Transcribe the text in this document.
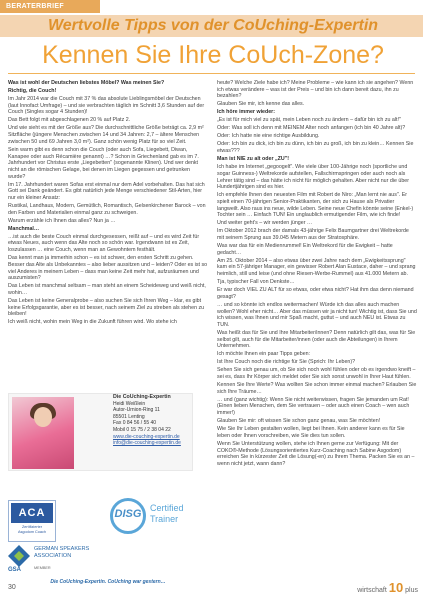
BERATERBRIEF
Wertvolle Tipps von der CoUching-Expertin
Kennen Sie Ihre CoUch-Zone?

Was ist wohl der Deutschen liebstes Möbel? Was meinen Sie?

Richtig, die Couch!

Im Jahr 2014 war die Couch mit 37 % das absolute Lieblingsmöbel der Deutschen (laut Innofact Umfrage) – und sie verbrachten täglich im Schnitt 3,6 Stunden auf der Couch (Singles sogar 4 Stunden)!

Das Bett folgt mit abgeschlagenen 20 % auf Platz 2.

Und wie sieht es mit der Größe aus? Die durchschnittliche Größe beträgt ca. 2,9 m² Sitzfläche (jüngere Menschen zwischen 14 und 34 Jahren: 2,7 – ältere Menschen zwischen 50 und 69 Jahren 3,0 m²). Ganz schön wenig Platz für so viel Zeit.

Sein warm gibt es denn schon die Couch (oder auch Sofa, Liegebett, Diwan, Kanapee oder auch Récamière genannt) …? Schon in Griechenland gab es im 7. Jahrhundert vor Christus erste „Liegebetten" (sogenannte Klinen). Und wer denkt nicht an die römischen Gelage, bei denen im Liegen gegessen und getrunken wurde?

Im 17. Jahrhundert waren Sofas erst einmal nur dem Adel vorbehalten. Das hat sich Gott sei Dank geändert. Es gibt natürlich jede Menge verschiedener Stil-Arten, hier nur ein kleiner Ansatz:

Rustikal, Landhaus, Modern, Gemütlich, Romantisch, Gelsenkirchener Barock – von den Farben und Materialien einmal ganz zu schweigen.

Warum erzähle ich Ihnen das alles? Nun ja …

Manchmal…

…ist auch die beste Couch einmal durchgesessen, reißt auf – und es wird Zeit für etwas Neues, auch wenn das Alte noch so schön war. Irgendwann ist es Zeit, loszulassen … eine Couch, wenn man an Gewohntem festhält.

Das kennt man ja immerhin schon – es ist schwer, den ersten Schritt zu gehen. Besser das Alte als Unbekanntes – also lieber aussitzen und – leiden? Oder es ist so viel Anderes in meinem Leben – dass man keine Zeit mehr hat, aufzuräumen und auszumisten?

Das Leben ist manchmal seltsam – man steht an einem Scheideweg und weiß nicht, wohin…

Das Leben ist keine Generalprobe – also suchen Sie sich Ihren Weg – klar, es gibt keine Erfolgsgarantie, aber es ist besser, nach seinem Ziel zu streben als stehen zu bleiben!

Ich weiß nicht, wohin mein Weg in die Zukunft führen wird. Wo stehe ich

heute? Welche Ziele habe ich? Meine Probleme – wie kann ich sie angehen? Wenn ich etwas verändere – was ist der Preis – und bin ich dann bereit dazu, ihn zu bezahlen?

Glauben Sie mir, ich kenne das alles.

Ich höre immer wieder:

„Es ist für mich viel zu spät, mein Leben noch zu ändern – dafür bin ich zu alt!"

Oder: Was soll ich denn mit MEINEM Alter noch anfangen (ich bin 40 Jahre alt)?

Oder: Ich hatte nie eine richtige Ausbildung.

Oder: Ich bin zu dick, ich bin zu dünn, ich bin zu groß, ich bin zu klein… Kennen Sie etwas???

Man ist NIE zu alt oder „ZU"!

Ich habe im Internet „gegoogelt". Wie viele über 100-Jährige noch (sportliche und sogar Guinness-) Weltrekorde aufstellen, Fallschirmspringen oder auch noch als Lehrer tätig sind – das hätte ich nicht für möglich gehalten. Aber nicht nur die über Hundertjährigen sind es hier.

Ich empfehle Ihnen den neuesten Film mit Robert de Niro: „Man lernt nie aus". Er spielt einen 70-jährigen Senior-Praktikanten, der sich zu Hause als Privatier langweilt. Also raus ins neue, wilde Leben. Seine neue Chefin könnte seine (Enkel-) Tochter sein … Einfach TUN! Ein unglaublich ermutigender Film, wie ich finde!

Und weiter geht's – wir werden jünger …

Im Oktober 2012 brach der damals 43-jährige Felix Baumgartner drei Weltrekorde mit seinem Sprung aus 39.045 Metern aus der Stratosphäre.

Was war das für ein Medienrummel! Ein Weltrekord für die Ewigkeit – hatte gedacht…

Am 25. Oktober 2014 – also etwas über zwei Jahre nach dem „Ewigkeitssprung" kam ein 57-jähriger Manager, ein gewisser Robert Alan Eustace, daher – und sprang heimlich, still und leise (und ohne Riesen-Werbe-Rummel) aus 41.000 Metern ab.

Tja, typischer Fall von Denkste…

Er war doch VIEL ZU ALT für so etwas, oder etwa nicht? Hat ihm das denn niemand gesagt?

… und so könnte ich endlos weitermachen! Würde ich das alles auch machen wollen? Wohl eher nicht… Aber das müssen wir ja nicht tun! Wichtig ist, dass Sie und ich wissen, was Ihnen und mir Spaß macht, guttut – und auch NEU ist. Etwas zu TUN.

Was heißt das für Sie und Ihre Mitarbeiter/innen? Denn natürlich gilt das, was für Sie selbst gilt, auch für die Mitarbeiter/innen (oder auch die Abteilungen) in Ihrem Unternehmen.

Ich möchte Ihnen ein paar Tipps geben:

Ist Ihre Couch noch die richtige für Sie (Sprich: Ihr Leben)?

Sehen Sie sich genau um, ob Sie sich noch wohl fühlen oder ob es irgendwo kneift – sei es, dass Ihr Körper sich meldet oder Sie sich sonst unwohl in Ihrer Haut fühlen.

Kennen Sie Ihre Werte? Was wollten Sie schon immer einmal machen? Erlauben Sie sich Ihre Träume…

… und (ganz wichtig): Wenn Sie nicht weiterwissen, fragen Sie jemanden um Rat! (Einen lieben Menschen, dem Sie vertrauen – oder auch einen Coach – wen auch immer!)

Glauben Sie mir: oft wissen Sie schon ganz genau, was Sie möchten!

Wie Sie Ihr Leben gestalten wollen, liegt bei Ihnen. Kein anderer kann es für Sie leben oder Ihnen vorschreiben, wie Sie dies tun sollen.

Wenn Sie Unterstützung wollen, stehe ich Ihnen gerne zur Verfügung: Mit der COKO®-Methode (Lösungsorientiertes Kurz-Coaching nach Sabine Asgodom) erreichen Sie in kürzester Zeit die Lösung(-en) zu Ihrem Thema. Packen Sie es an – wenn nicht jetzt, wann dann?

Die CoUching-Expertin
Heidi Weißlein
Autor-Urnion-Ring 11
85501 Lenting
Fax 0 84 56 / 55 40
Mobil 0 15 75 / 2 38 04 22
www.die-couching-expertin.de
info@die-couching-expertin.de
ACA
Zertifizierter
Asgodom Coach
DISG Certified
Trainer
GSA
GERMAN SPEAKERS
ASSOCIATION
MEMBER
Die CoUching-Expertin. CoUching war gestern…
30	wirtschaft 10 plus
